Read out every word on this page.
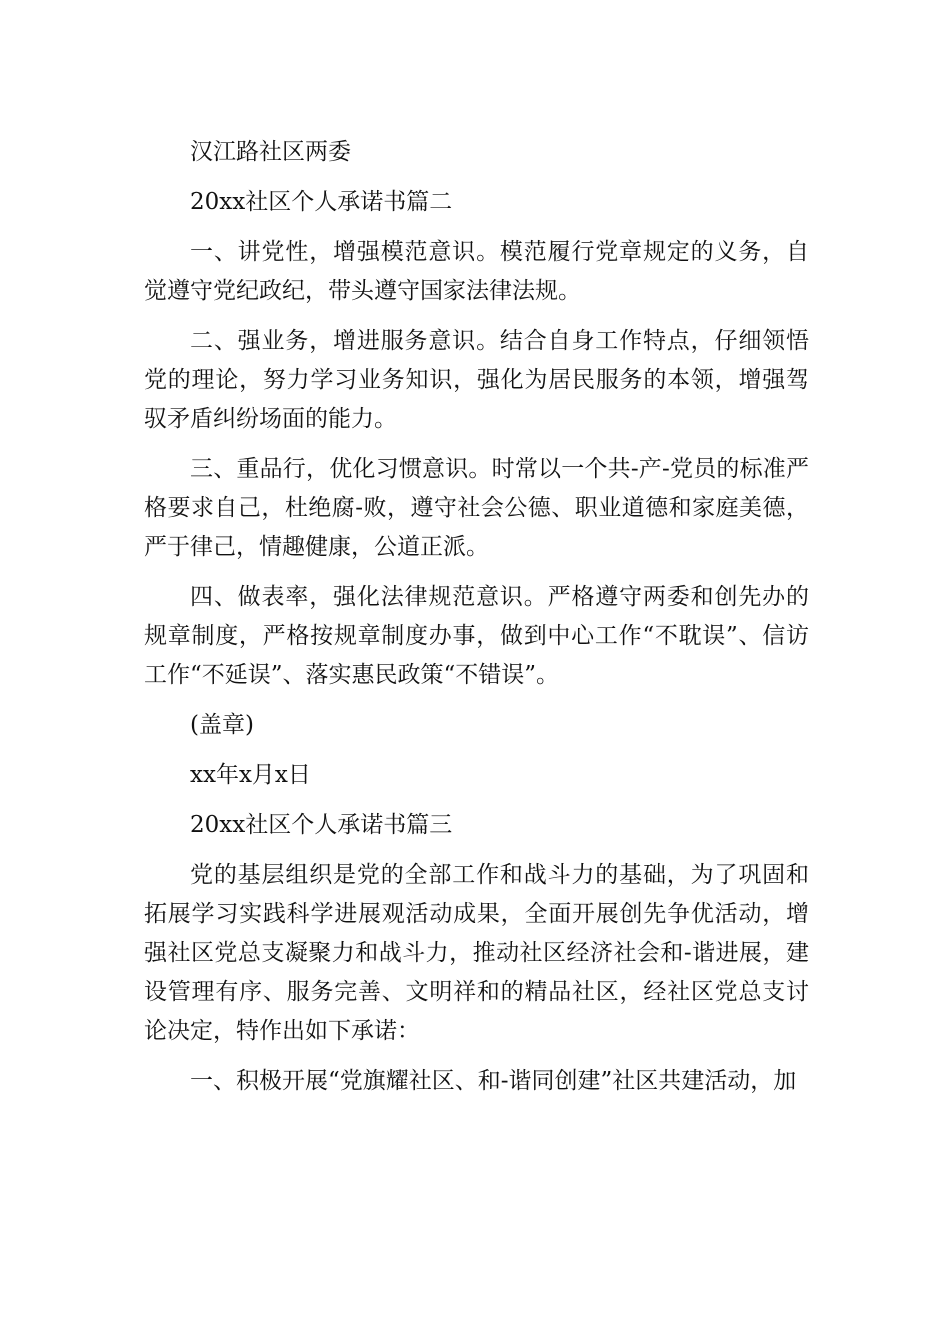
汉江路社区两委

20xx社区个人承诺书篇二

一、讲党性，增强模范意识。模范履行党章规定的义务，自觉遵守党纪政纪，带头遵守国家法律法规。

二、强业务，增进服务意识。结合自身工作特点，仔细领悟党的理论，努力学习业务知识，强化为居民服务的本领，增强驾驭矛盾纠纷场面的能力。

三、重品行，优化习惯意识。时常以一个共-产-党员的标准严格要求自己，杜绝腐-败，遵守社会公德、职业道德和家庭美德，严于律己，情趣健康，公道正派。

四、做表率，强化法律规范意识。严格遵守两委和创先办的规章制度，严格按规章制度办事，做到中心工作“不耽误”、信访工作“不延误”、落实惠民政策“不错误”。

(盖章)

xx年x月x日

20xx社区个人承诺书篇三

党的基层组织是党的全部工作和战斗力的基础，为了巩固和拓展学习实践科学进展观活动成果，全面开展创先争优活动，增强社区党总支凝聚力和战斗力，推动社区经济社会和-谐进展，建设管理有序、服务完善、文明祥和的精品社区，经社区党总支讨论决定，特作出如下承诺：

一、积极开展“党旗耀社区、和-谐同创建”社区共建活动，加
